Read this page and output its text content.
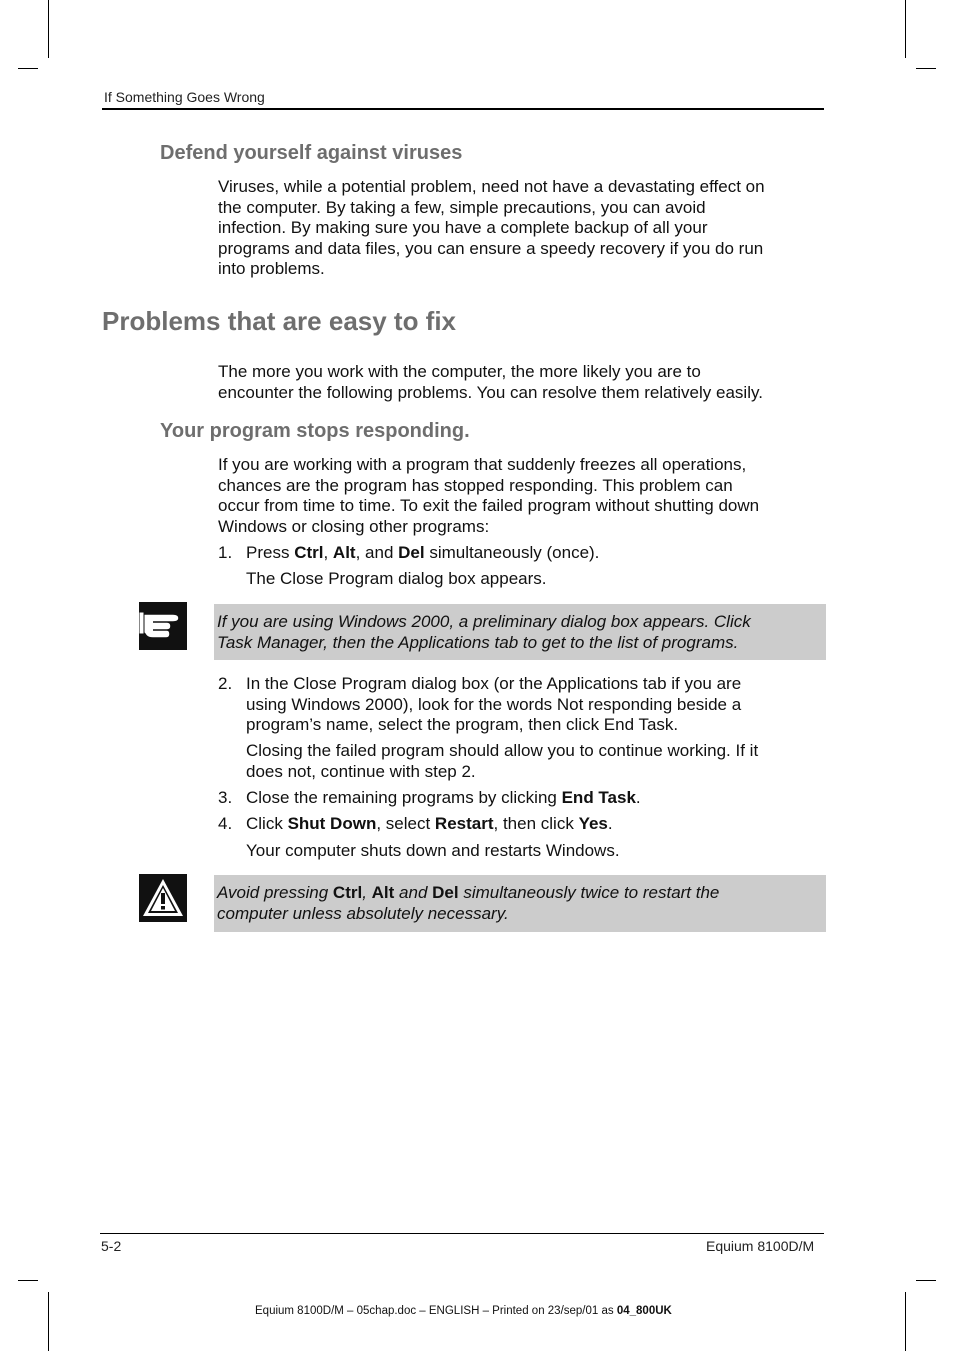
If Something Goes Wrong
Defend yourself against viruses
Viruses, while a potential problem, need not have a devastating effect on
the computer. By taking a few, simple precautions, you can avoid
infection. By making sure you have a complete backup of all your
programs and data files, you can ensure a speedy recovery if you do run
into problems.
Problems that are easy to fix
The more you work with the computer, the more likely you are to
encounter the following problems. You can resolve them relatively easily.
Your program stops responding.
If you are working with a program that suddenly freezes all operations,
chances are the program has stopped responding. This problem can
occur from time to time. To exit the failed program without shutting down
Windows or closing other programs:
1. Press Ctrl, Alt, and Del simultaneously (once).
The Close Program dialog box appears.
If you are using Windows 2000, a preliminary dialog box appears. Click
Task Manager, then the Applications tab to get to the list of programs.
2. In the Close Program dialog box (or the Applications tab if you are
using Windows 2000), look for the words Not responding beside a
program’s name, select the program, then click End Task.
Closing the failed program should allow you to continue working. If it
does not, continue with step 2.
3. Close the remaining programs by clicking End Task.
4. Click Shut Down, select Restart, then click Yes.
Your computer shuts down and restarts Windows.
Avoid pressing Ctrl, Alt and Del simultaneously twice to restart the
computer unless absolutely necessary.
5-2	Equium 8100D/M
Equium 8100D/M – 05chap.doc – ENGLISH – Printed on 23/sep/01 as 04_800UK
